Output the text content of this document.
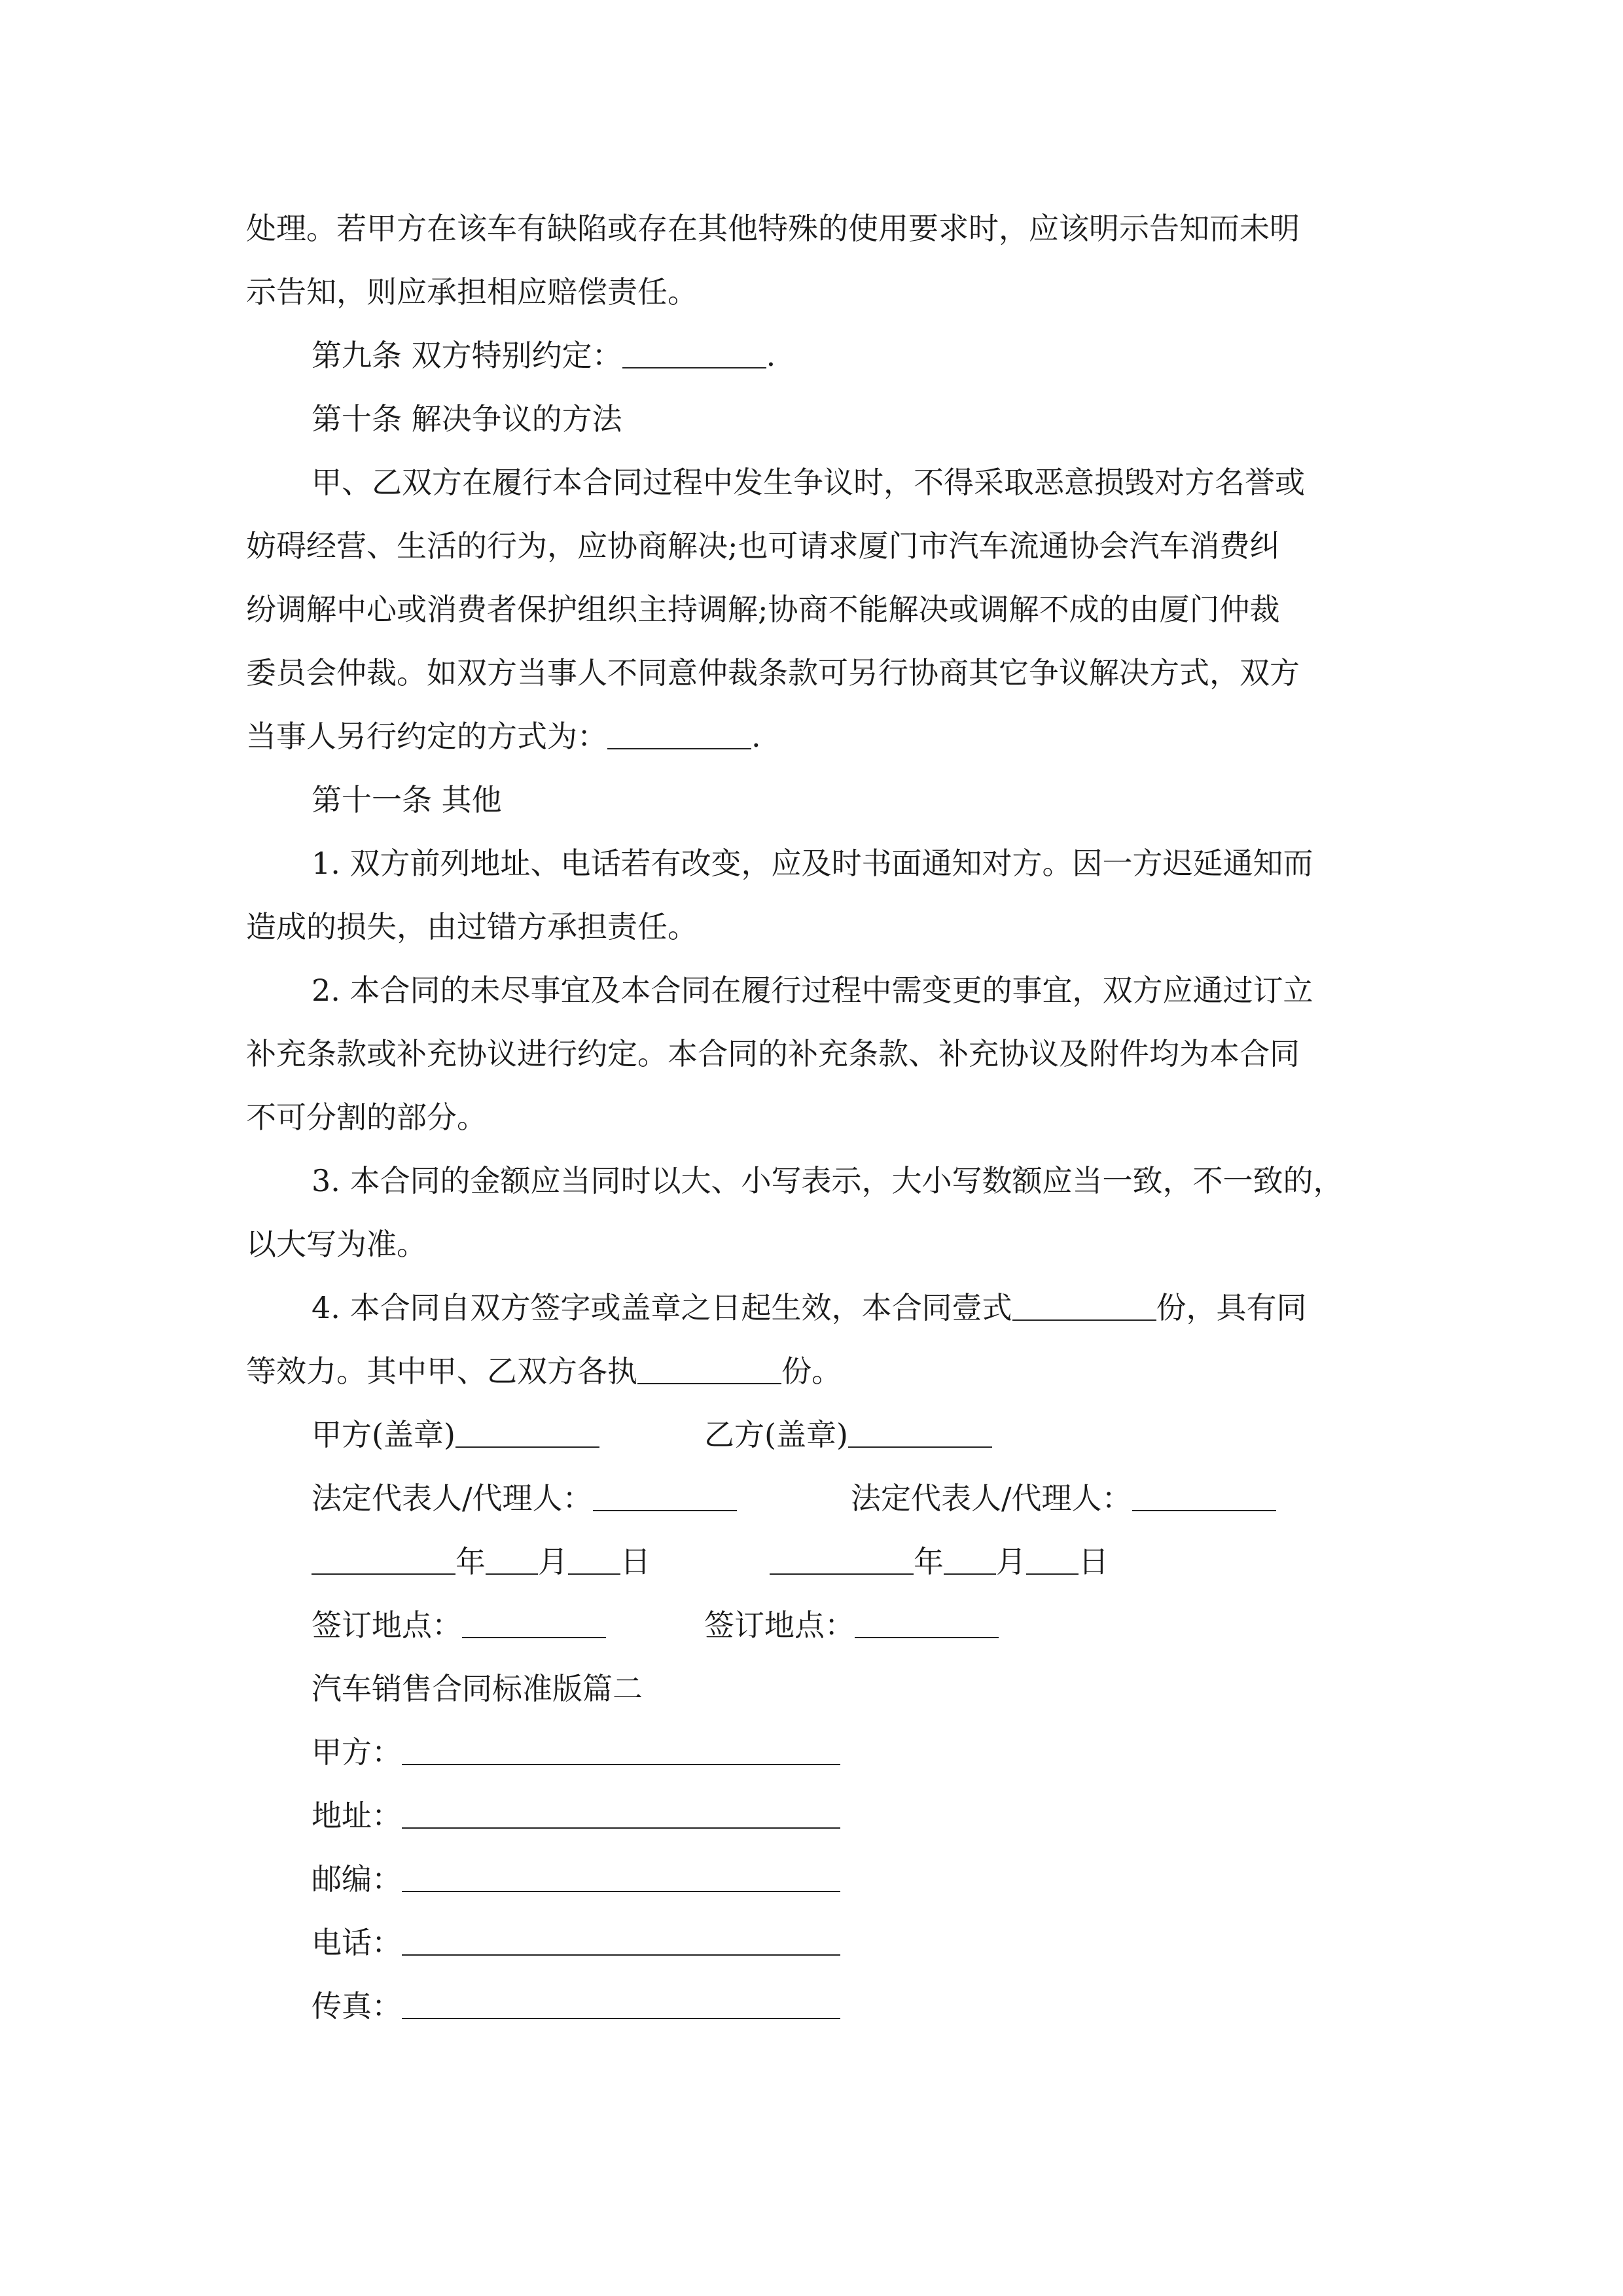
处理。若甲方在该车有缺陷或存在其他特殊的使用要求时，应该明示告知而未明
示告知，则应承担相应赔偿责任。
第九条 双方特别约定：	.
第十条 解决争议的方法
甲、乙双方在履行本合同过程中发生争议时，不得采取恶意损毁对方名誉或
妨碍经营、生活的行为，应协商解决;也可请求厦门市汽车流通协会汽车消费纠
纷调解中心或消费者保护组织主持调解;协商不能解决或调解不成的由厦门仲裁
委员会仲裁。如双方当事人不同意仲裁条款可另行协商其它争议解决方式，双方
当事人另行约定的方式为：	.
第十一条 其他
1. 双方前列地址、电话若有改变，应及时书面通知对方。因一方迟延通知而
造成的损失，由过错方承担责任。
2. 本合同的未尽事宜及本合同在履行过程中需变更的事宜，双方应通过订立
补充条款或补充协议进行约定。本合同的补充条款、补充协议及附件均为本合同
不可分割的部分。
3. 本合同的金额应当同时以大、小写表示，大小写数额应当一致，不一致的，
以大写为准。
4. 本合同自双方签字或盖章之日起生效，本合同壹式	份，具有同
等效力。其中甲、乙双方各执	份。
甲方(盖章)	乙方(盖章)
法定代表人/代理人：	法定代表人/代理人：
年 月 日	年 月 日
签订地点：	签订地点：
汽车销售合同标准版篇二
甲方：
地址：
邮编：
电话：
传真：
